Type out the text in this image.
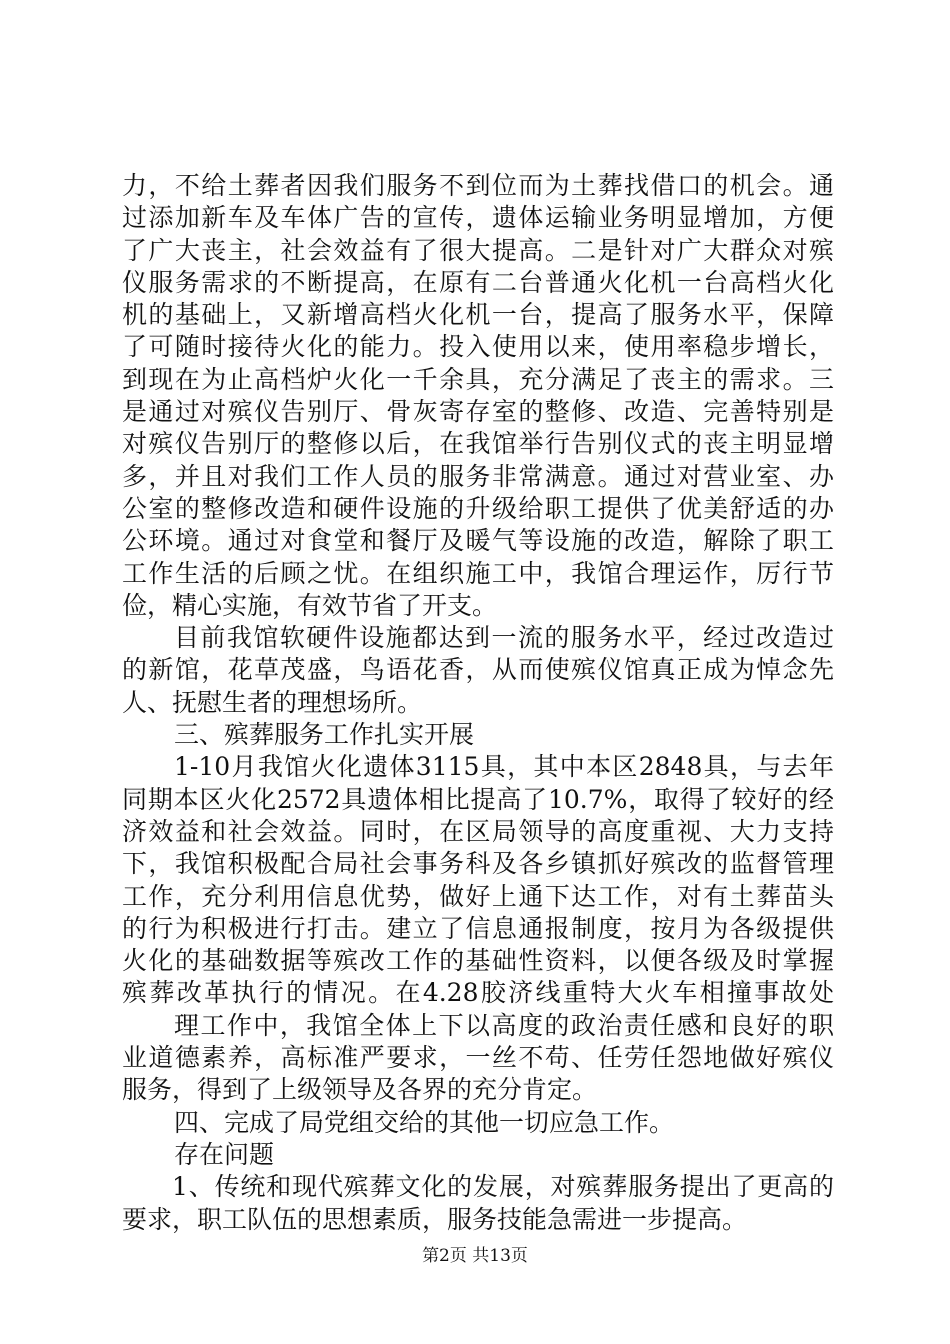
力，不给土葬者因我们服务不到位而为土葬找借口的机会。通
过添加新车及车体广告的宣传，遗体运输业务明显增加，方便
了广大丧主，社会效益有了很大提高。二是针对广大群众对殡
仪服务需求的不断提高，在原有二台普通火化机一台高档火化
机的基础上，又新增高档火化机一台，提高了服务水平，保障
了可随时接待火化的能力。投入使用以来，使用率稳步增长，
到现在为止高档炉火化一千余具，充分满足了丧主的需求。三
是通过对殡仪告别厅、骨灰寄存室的整修、改造、完善特别是
对殡仪告别厅的整修以后，在我馆举行告别仪式的丧主明显增
多，并且对我们工作人员的服务非常满意。通过对营业室、办
公室的整修改造和硬件设施的升级给职工提供了优美舒适的办
公环境。通过对食堂和餐厅及暖气等设施的改造，解除了职工
工作生活的后顾之忧。在组织施工中，我馆合理运作，厉行节
俭，精心实施，有效节省了开支。
目前我馆软硬件设施都达到一流的服务水平，经过改造过
的新馆，花草茂盛，鸟语花香，从而使殡仪馆真正成为悼念先
人、抚慰生者的理想场所。
三、殡葬服务工作扎实开展
1-10月我馆火化遗体3115具，其中本区2848具，与去年
同期本区火化2572具遗体相比提高了10.7%，取得了较好的经
济效益和社会效益。同时，在区局领导的高度重视、大力支持
下，我馆积极配合局社会事务科及各乡镇抓好殡改的监督管理
工作，充分利用信息优势，做好上通下达工作，对有土葬苗头
的行为积极进行打击。建立了信息通报制度，按月为各级提供
火化的基础数据等殡改工作的基础性资料，以便各级及时掌握
殡葬改革执行的情况。在4.28胶济线重特大火车相撞事故处
理工作中，我馆全体上下以高度的政治责任感和良好的职
业道德素养，高标准严要求，一丝不苟、任劳任怨地做好殡仪
服务，得到了上级领导及各界的充分肯定。
四、完成了局党组交给的其他一切应急工作。
存在问题
1、传统和现代殡葬文化的发展，对殡葬服务提出了更高的
要求，职工队伍的思想素质，服务技能急需进一步提高。
第2页 共13页
